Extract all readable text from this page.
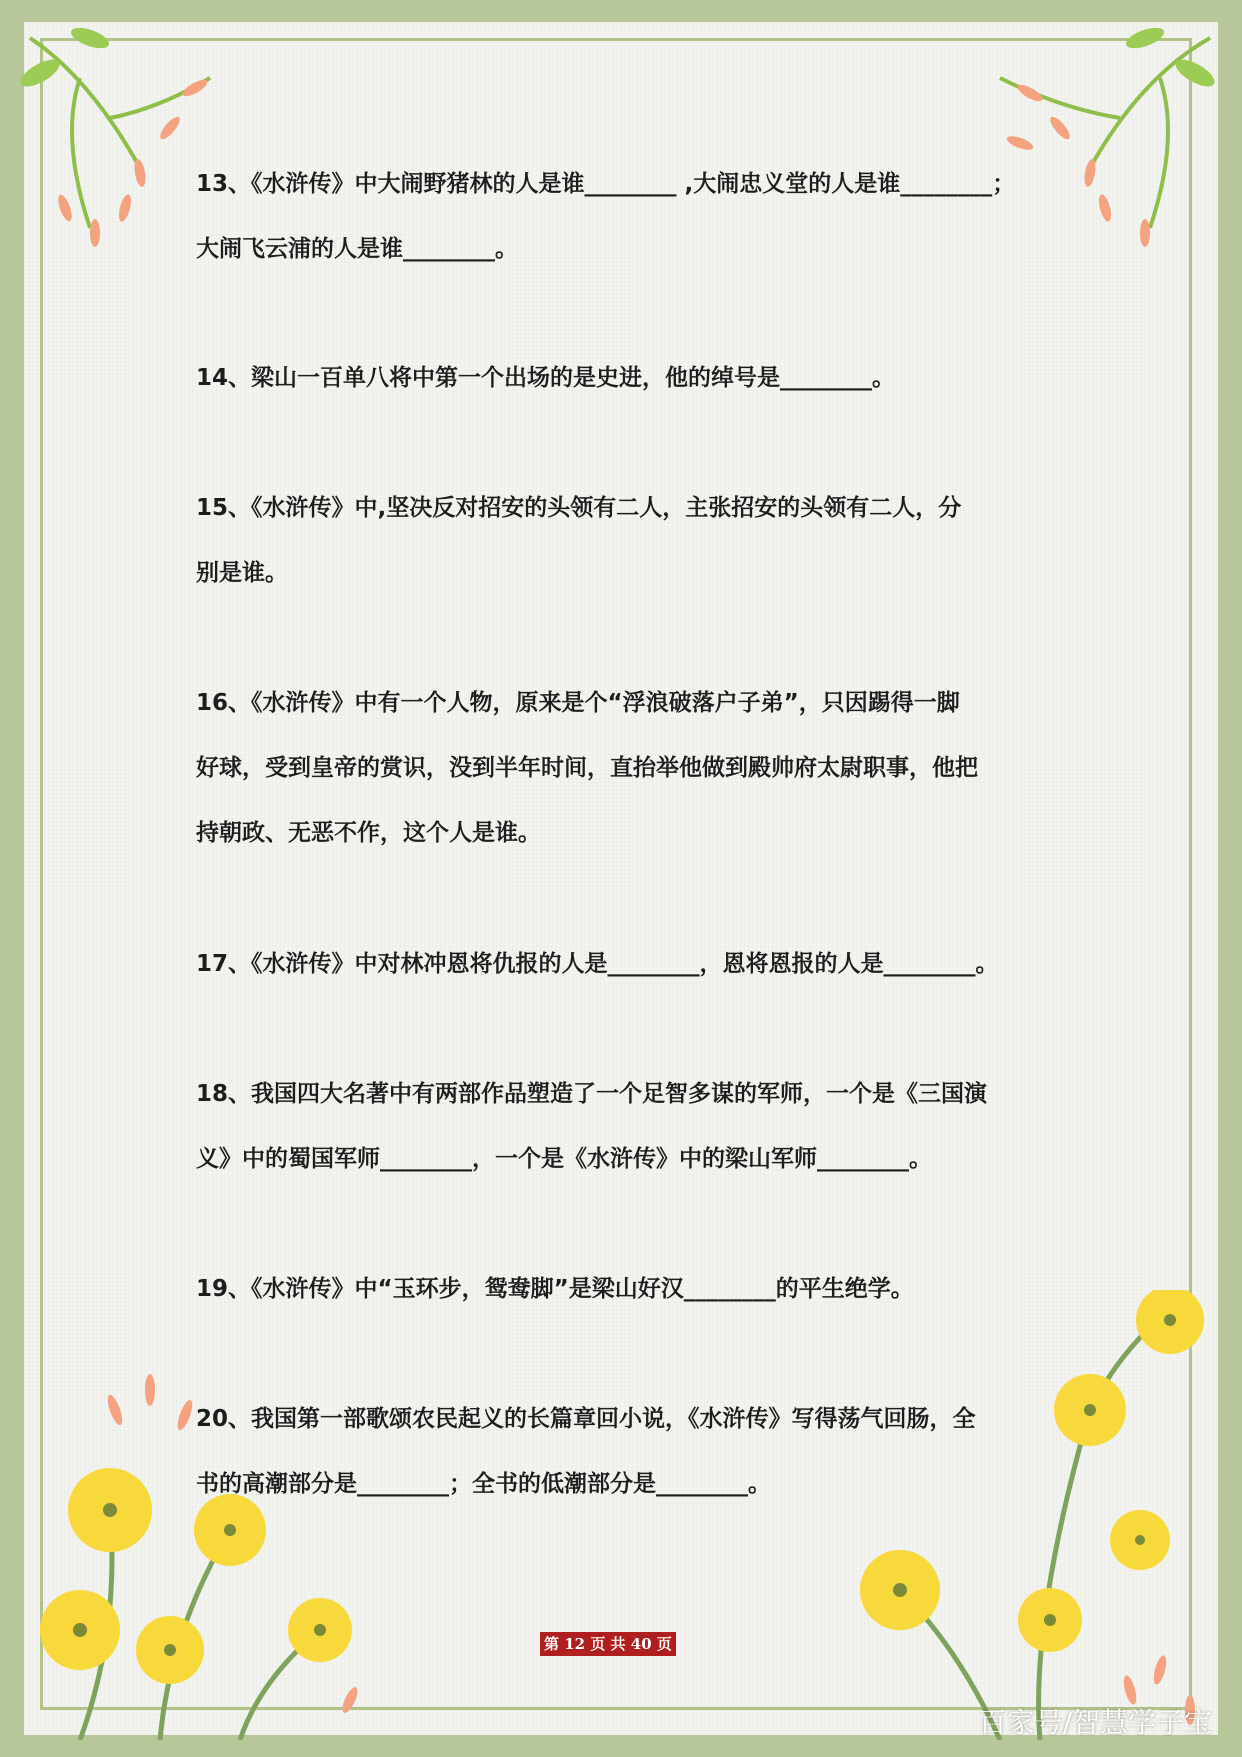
13、《水浒传》中大闹野猪林的人是谁________ ,大闹忠义堂的人是谁________；
大闹飞云浦的人是谁________。
14、梁山一百单八将中第一个出场的是史进，他的绰号是________。
15、《水浒传》中,坚决反对招安的头领有二人，主张招安的头领有二人，分
别是谁。
16、《水浒传》中有一个人物，原来是个“浮浪破落户子弟”，只因踢得一脚
好球，受到皇帝的赏识，没到半年时间，直抬举他做到殿帅府太尉职事，他把
持朝政、无恶不作，这个人是谁。
17、《水浒传》中对林冲恩将仇报的人是________，恩将恩报的人是________。
18、我国四大名著中有两部作品塑造了一个足智多谋的军师，一个是《三国演
义》中的蜀国军师________，一个是《水浒传》中的梁山军师________。
19、《水浒传》中“玉环步，鸳鸯脚”是梁山好汉________的平生绝学。
20、我国第一部歌颂农民起义的长篇章回小说，《水浒传》写得荡气回肠，全
书的高潮部分是________；全书的低潮部分是________。
第 12 页 共 40 页
百家号/智慧学子宝
